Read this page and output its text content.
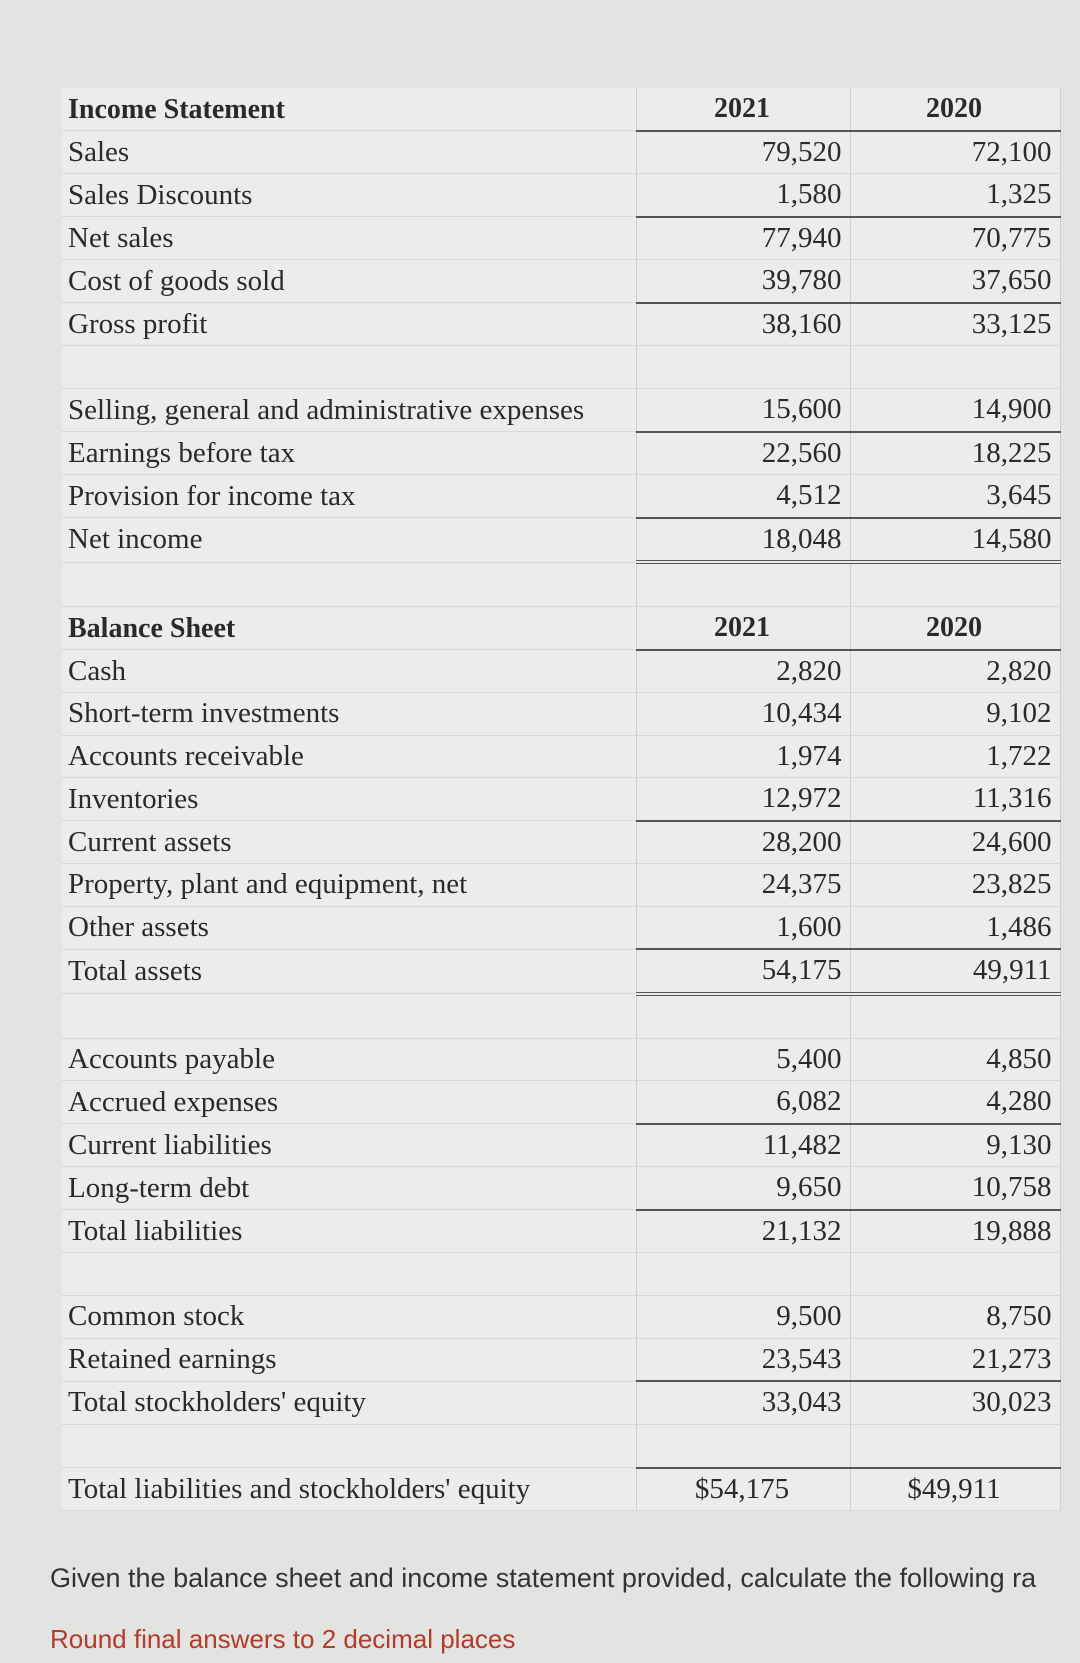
Income Statement	2021	2020
Sales	79,520	72,100
Sales Discounts	1,580	1,325
Net sales	77,940	70,775
Cost of goods sold	39,780	37,650
Gross profit	38,160	33,125

Selling, general and administrative expenses	15,600	14,900
Earnings before tax	22,560	18,225
Provision for income tax	4,512	3,645
Net income	18,048	14,580

Balance Sheet	2021	2020
Cash	2,820	2,820
Short-term investments	10,434	9,102
Accounts receivable	1,974	1,722
Inventories	12,972	11,316
Current assets	28,200	24,600
Property, plant and equipment, net	24,375	23,825
Other assets	1,600	1,486
Total assets	54,175	49,911

Accounts payable	5,400	4,850
Accrued expenses	6,082	4,280
Current liabilities	11,482	9,130
Long-term debt	9,650	10,758
Total liabilities	21,132	19,888

Common stock	9,500	8,750
Retained earnings	23,543	21,273
Total stockholders' equity	33,043	30,023

Total liabilities and stockholders' equity	$54,175	$49,911
Given the balance sheet and income statement provided, calculate the following ra
Round final answers to 2 decimal places
